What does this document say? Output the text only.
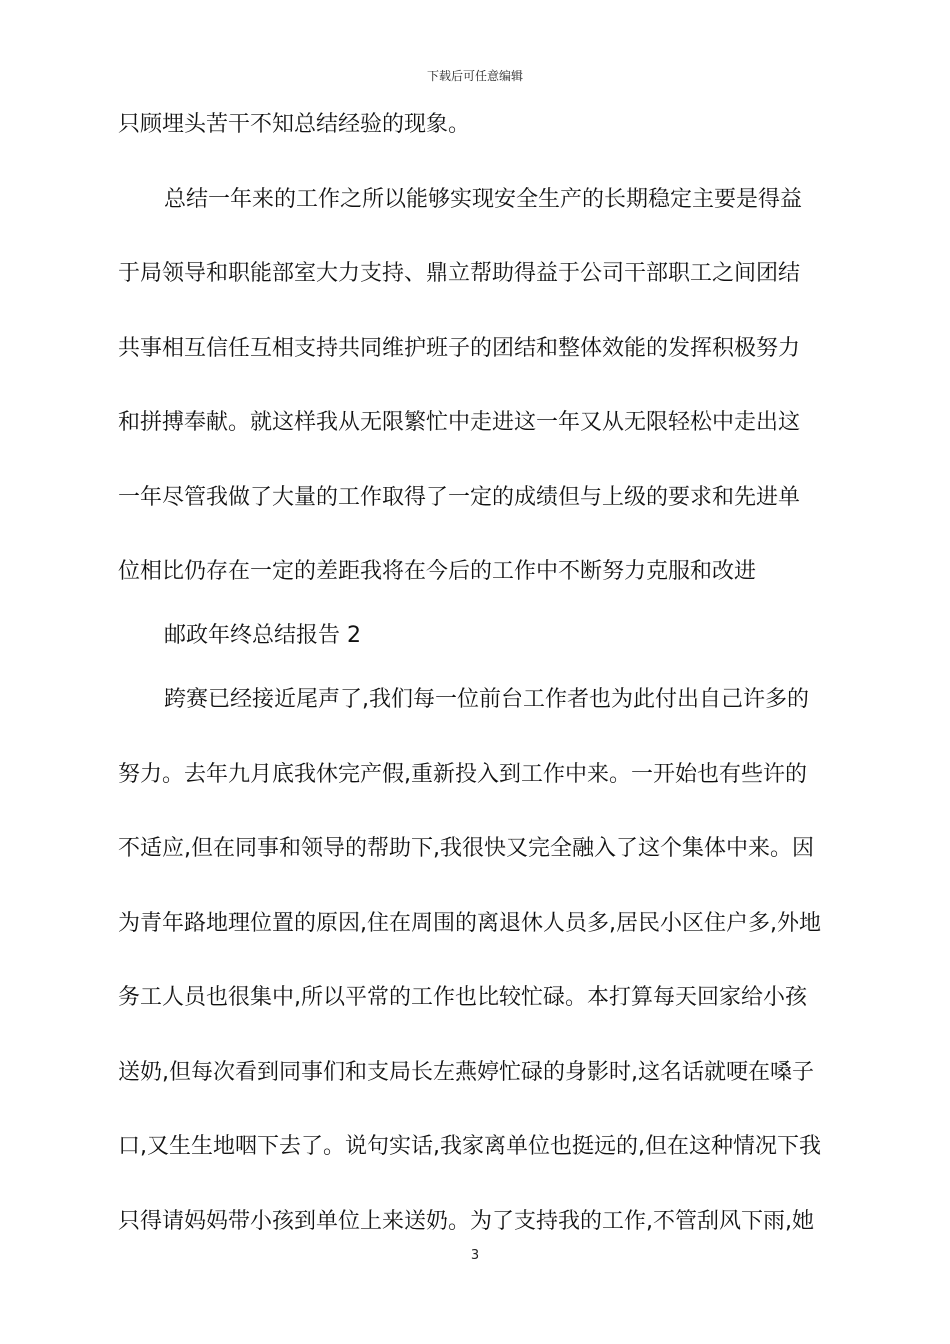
下载后可任意编辑
只顾埋头苦干不知总结经验的现象。
总结一年来的工作之所以能够实现安全生产的长期稳定主要是得益
于局领导和职能部室大力支持、鼎立帮助得益于公司干部职工之间团结
共事相互信任互相支持共同维护班子的团结和整体效能的发挥积极努力
和拼搏奉献。就这样我从无限繁忙中走进这一年又从无限轻松中走出这
一年尽管我做了大量的工作取得了一定的成绩但与上级的要求和先进单
位相比仍存在一定的差距我将在今后的工作中不断努力克服和改进
邮政年终总结报告 2
跨赛已经接近尾声了,我们每一位前台工作者也为此付出自己许多的
努力。去年九月底我休完产假,重新投入到工作中来。一开始也有些许的
不适应,但在同事和领导的帮助下,我很快又完全融入了这个集体中来。因
为青年路地理位置的原因,住在周围的离退休人员多,居民小区住户多,外地
务工人员也很集中,所以平常的工作也比较忙碌。本打算每天回家给小孩
送奶,但每次看到同事们和支局长左燕婷忙碌的身影时,这名话就哽在嗓子
口,又生生地咽下去了。说句实话,我家离单位也挺远的,但在这种情况下我
只得请妈妈带小孩到单位上来送奶。为了支持我的工作,不管刮风下雨,她
3
